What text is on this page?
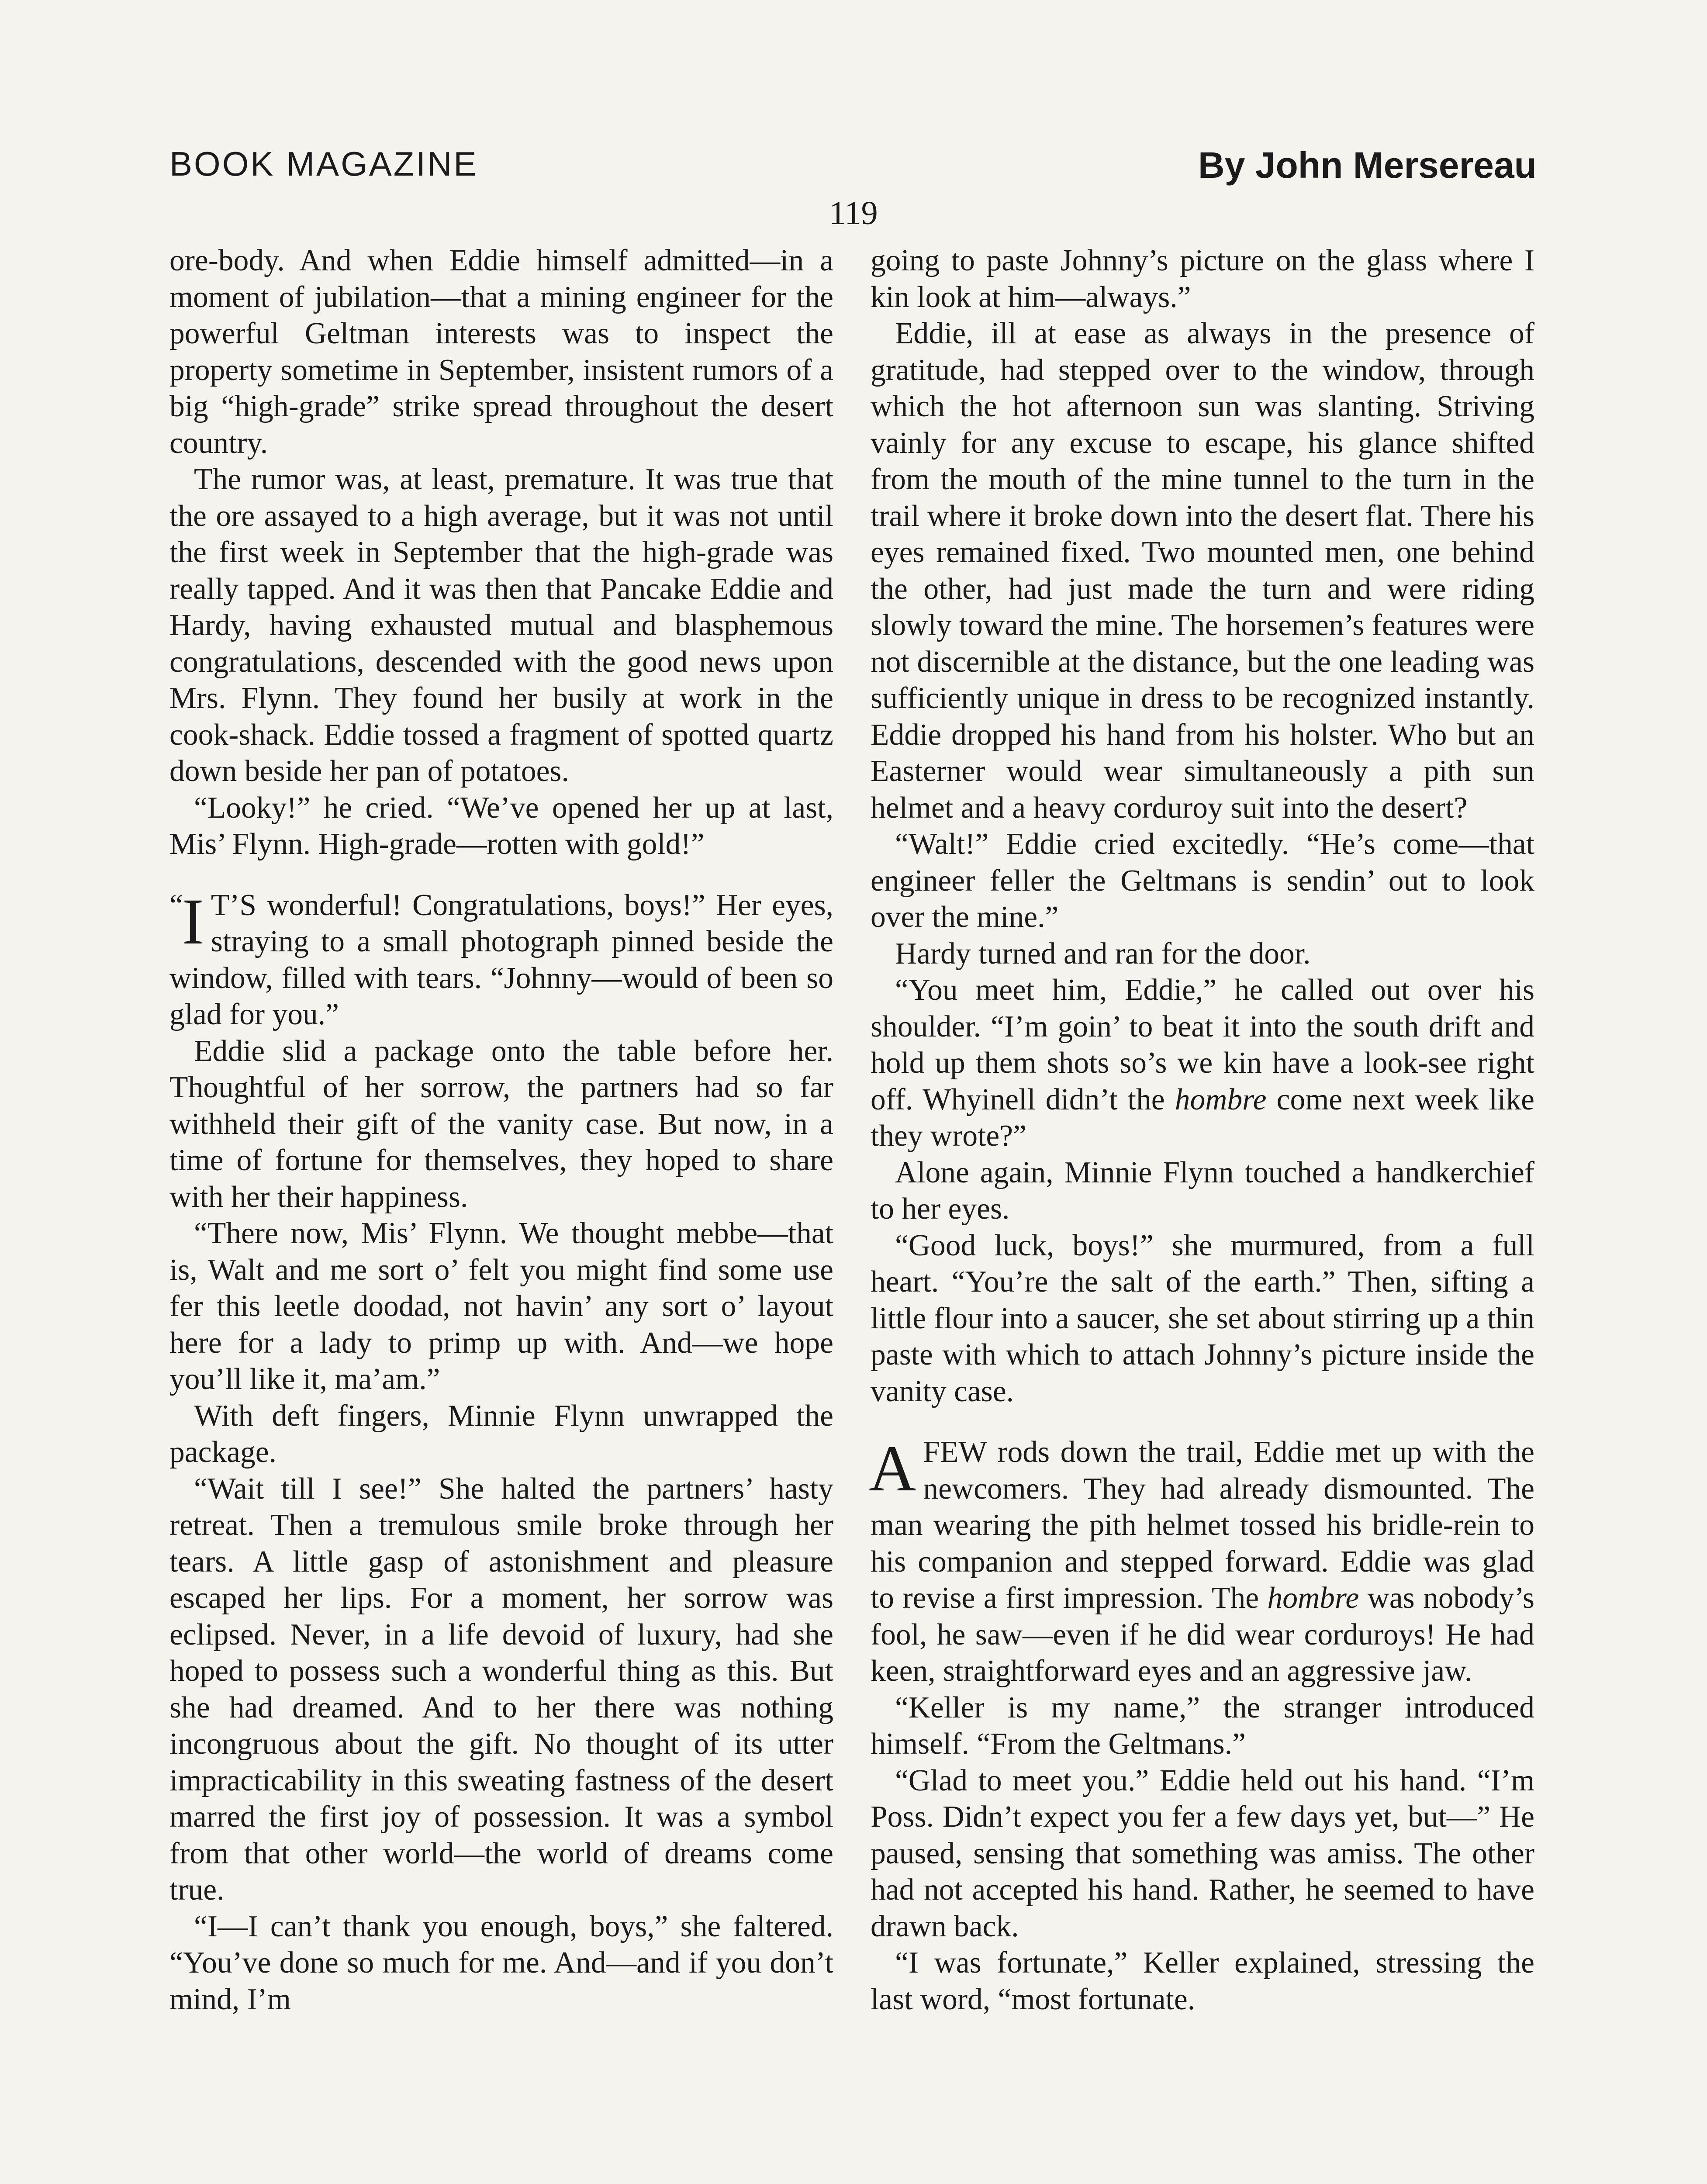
BOOK MAGAZINE	By John Mersereau
119

ore-body. And when Eddie himself admitted—in a moment of jubilation—that a mining engineer for the powerful Geltman interests was to inspect the property sometime in September, insistent rumors of a big “high-grade” strike spread throughout the desert country.

The rumor was, at least, premature. It was true that the ore assayed to a high average, but it was not until the first week in September that the high-grade was really tapped. And it was then that Pancake Eddie and Hardy, having exhausted mutual and blasphemous congratulations, descended with the good news upon Mrs. Flynn. They found her busily at work in the cook-shack. Eddie tossed a fragment of spotted quartz down beside her pan of potatoes.

“Looky!” he cried. “We’ve opened her up at last, Mis’ Flynn. High-grade—rotten with gold!”

“
I T’S wonderful! Congratulations, boys!” Her eyes, straying to a small photograph pinned beside the window, filled with tears. “Johnny—would of been so glad for you.”

Eddie slid a package onto the table before her. Thoughtful of her sorrow, the partners had so far withheld their gift of the vanity case. But now, in a time of fortune for themselves, they hoped to share with her their happiness.

“There now, Mis’ Flynn. We thought mebbe—that is, Walt and me sort o’ felt you might find some use fer this leetle doodad, not havin’ any sort o’ layout here for a lady to primp up with. And—we hope you’ll like it, ma’am.”

With deft fingers, Minnie Flynn unwrapped the package.

“Wait till I see!” She halted the partners’ hasty retreat. Then a tremulous smile broke through her tears. A little gasp of astonishment and pleasure escaped her lips. For a moment, her sorrow was eclipsed. Never, in a life devoid of luxury, had she hoped to possess such a wonderful thing as this. But she had dreamed. And to her there was nothing incongruous about the gift. No thought of its utter impracticability in this sweating fastness of the desert marred the first joy of possession. It was a symbol from that other world—the world of dreams come true.

“I—I can’t thank you enough, boys,” she faltered. “You’ve done so much for me. And—and if you don’t mind, I’m

going to paste Johnny’s picture on the glass where I kin look at him—always.”

Eddie, ill at ease as always in the presence of gratitude, had stepped over to the window, through which the hot afternoon sun was slanting. Striving vainly for any excuse to escape, his glance shifted from the mouth of the mine tunnel to the turn in the trail where it broke down into the desert flat. There his eyes remained fixed. Two mounted men, one behind the other, had just made the turn and were riding slowly toward the mine. The horsemen’s features were not discernible at the distance, but the one leading was sufficiently unique in dress to be recognized instantly. Eddie dropped his hand from his holster. Who but an Easterner would wear simultaneously a pith sun helmet and a heavy corduroy suit into the desert?

“Walt!” Eddie cried excitedly. “He’s come—that engineer feller the Geltmans is sendin’ out to look over the mine.”

Hardy turned and ran for the door.

“You meet him, Eddie,” he called out over his shoulder. “I’m goin’ to beat it into the south drift and hold up them shots so’s we kin have a look-see right off. Whyinell didn’t the hombre come next week like they wrote?”

Alone again, Minnie Flynn touched a handkerchief to her eyes.

“Good luck, boys!” she murmured, from a full heart. “You’re the salt of the earth.” Then, sifting a little flour into a saucer, she set about stirring up a thin paste with which to attach Johnny’s picture inside the vanity case.

AFEW rods down the trail, Eddie met up with the newcomers. They had already dismounted. The man wearing the pith helmet tossed his bridle-rein to his companion and stepped forward. Eddie was glad to revise a first impression. The hombre was nobody’s fool, he saw—even if he did wear corduroys! He had keen, straightforward eyes and an aggressive jaw.

“Keller is my name,” the stranger introduced himself. “From the Geltmans.”

“Glad to meet you.” Eddie held out his hand. “I’m Poss. Didn’t expect you fer a few days yet, but—” He paused, sensing that something was amiss. The other had not accepted his hand. Rather, he seemed to have drawn back.

“I was fortunate,” Keller explained, stressing the last word, “most fortunate.
